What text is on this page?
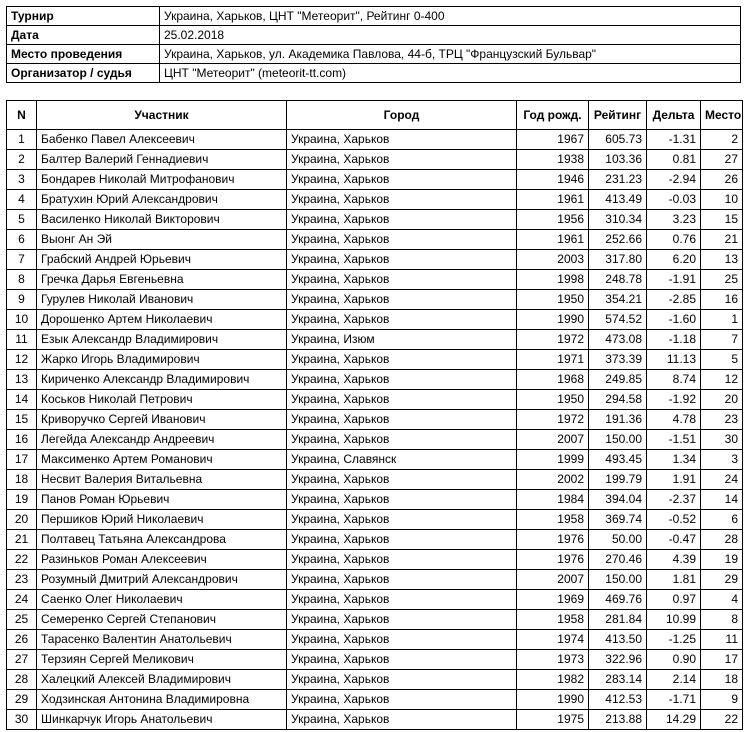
Турнир	Украина, Харьков, ЦНТ "Метеорит", Рейтинг 0-400
Дата	25.02.2018
Место проведения	Украина, Харьков, ул. Академика Павлова, 44-б, ТРЦ "Французский Бульвар"
Организатор / судья	ЦНТ "Метеорит" (meteorit-tt.com)
N	Участник	Город	Год рожд.	Рейтинг	Дельта	Место
1	Бабенко Павел Алексеевич	Украина, Харьков	1967	605.73	-1.31	2
2	Балтер Валерий Геннадиевич	Украина, Харьков	1938	103.36	0.81	27
3	Бондарев Николай Митрофанович	Украина, Харьков	1946	231.23	-2.94	26
4	Братухин Юрий Александрович	Украина, Харьков	1961	413.49	-0.03	10
5	Василенко Николай Викторович	Украина, Харьков	1956	310.34	3.23	15
6	Выонг Ан Эй	Украина, Харьков	1961	252.66	0.76	21
7	Грабский Андрей Юрьевич	Украина, Харьков	2003	317.80	6.20	13
8	Гречка Дарья Евгеньевна	Украина, Харьков	1998	248.78	-1.91	25
9	Гурулев Николай Иванович	Украина, Харьков	1950	354.21	-2.85	16
10	Дорошенко Артем Николаевич	Украина, Харьков	1990	574.52	-1.60	1
11	Езык Александр Владимирович	Украина, Изюм	1972	473.08	-1.18	7
12	Жарко Игорь Владимирович	Украина, Харьков	1971	373.39	11.13	5
13	Кириченко Александр Владимирович	Украина, Харьков	1968	249.85	8.74	12
14	Коськов Николай Петрович	Украина, Харьков	1950	294.58	-1.92	20
15	Криворучко Сергей Иванович	Украина, Харьков	1972	191.36	4.78	23
16	Легейда Александр Андреевич	Украина, Харьков	2007	150.00	-1.51	30
17	Максименко Артем Романович	Украина, Славянск	1999	493.45	1.34	3
18	Несвит Валерия Витальевна	Украина, Харьков	2002	199.79	1.91	24
19	Панов Роман Юрьевич	Украина, Харьков	1984	394.04	-2.37	14
20	Першиков Юрий Николаевич	Украина, Харьков	1958	369.74	-0.52	6
21	Полтавец Татьяна Александрова	Украина, Харьков	1976	50.00	-0.47	28
22	Разиньков Роман Алексеевич	Украина, Харьков	1976	270.46	4.39	19
23	Розумный Дмитрий Александрович	Украина, Харьков	2007	150.00	1.81	29
24	Саенко Олег Николаевич	Украина, Харьков	1969	469.76	0.97	4
25	Семеренко Сергей Степанович	Украина, Харьков	1958	281.84	10.99	8
26	Тарасенко Валентин Анатольевич	Украина, Харьков	1974	413.50	-1.25	11
27	Терзиян Сергей Меликович	Украина, Харьков	1973	322.96	0.90	17
28	Халецкий Алексей Владимирович	Украина, Харьков	1982	283.14	2.14	18
29	Ходзинская Антонина Владимировна	Украина, Харьков	1990	412.53	-1.71	9
30	Шинкарчук Игорь Анатольевич	Украина, Харьков	1975	213.88	14.29	22
